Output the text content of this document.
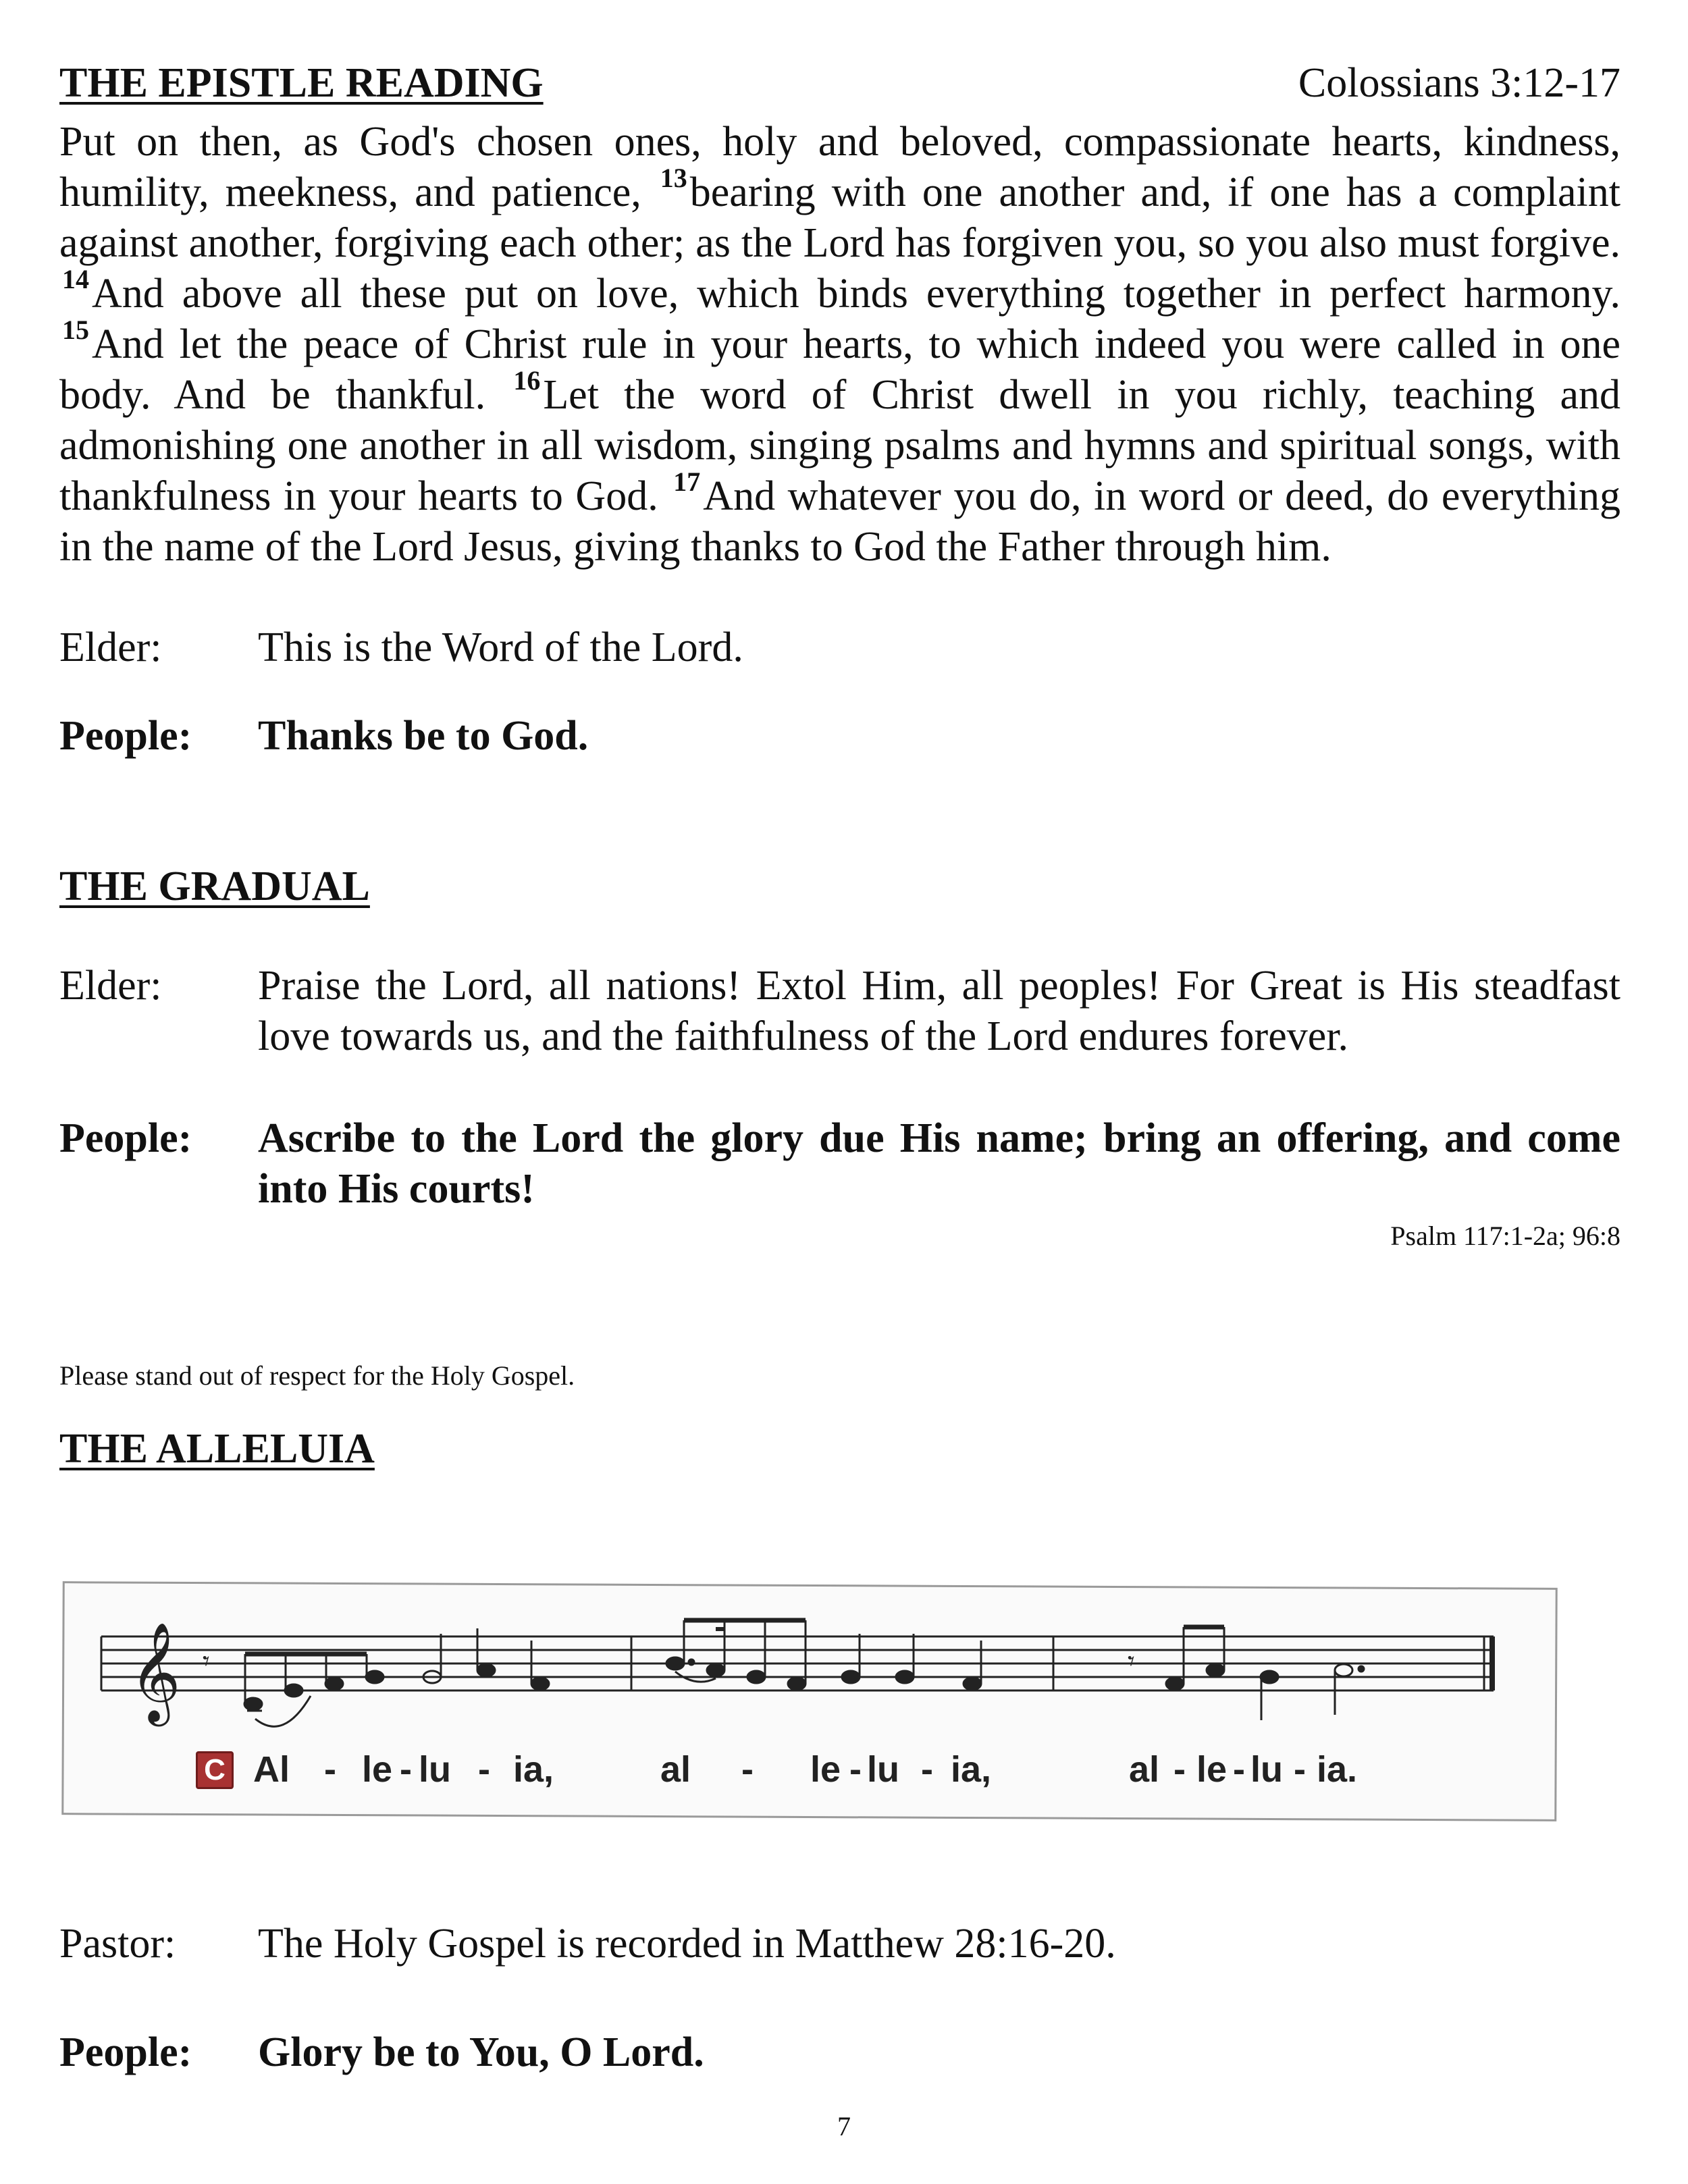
THE EPISTLE READING	Colossians 3:12-17
Put on then, as God's chosen ones, holy and beloved, compassionate hearts, kindness, humility, meekness, and patience, $^{13}$bearing with one another and, if one has a complaint against another, forgiving each other; as the Lord has forgiven you, so you also must forgive. $^{14}$And above all these put on love, which binds everything together in perfect harmony. $^{15}$And let the peace of Christ rule in your hearts, to which indeed you were called in one body. And be thankful. $^{16}$Let the word of Christ dwell in you richly, teaching and admonishing one another in all wisdom, singing psalms and hymns and spiritual songs, with thankfulness in your hearts to God. $^{17}$And whatever you do, in word or deed, do everything in the name of the Lord Jesus, giving thanks to God the Father through him.
Elder:	This is the Word of the Lord.
People:	Thanks be to God.
THE GRADUAL
Elder:	Praise the Lord, all nations! Extol Him, all peoples! For Great is His steadfast love towards us, and the faithfulness of the Lord endures forever.
People:	Ascribe to the Lord the glory due His name; bring an offering, and come into His courts!
Psalm 117:1-2a; 96:8
Please stand out of respect for the Holy Gospel.
THE ALLELUIA
𝄞 𝄾	𝄾
C Al - le - lu - ia,	al - le - lu - ia,	al - le - lu - ia.
Pastor:	The Holy Gospel is recorded in Matthew 28:16-20.
People:	Glory be to You, O Lord.
7
